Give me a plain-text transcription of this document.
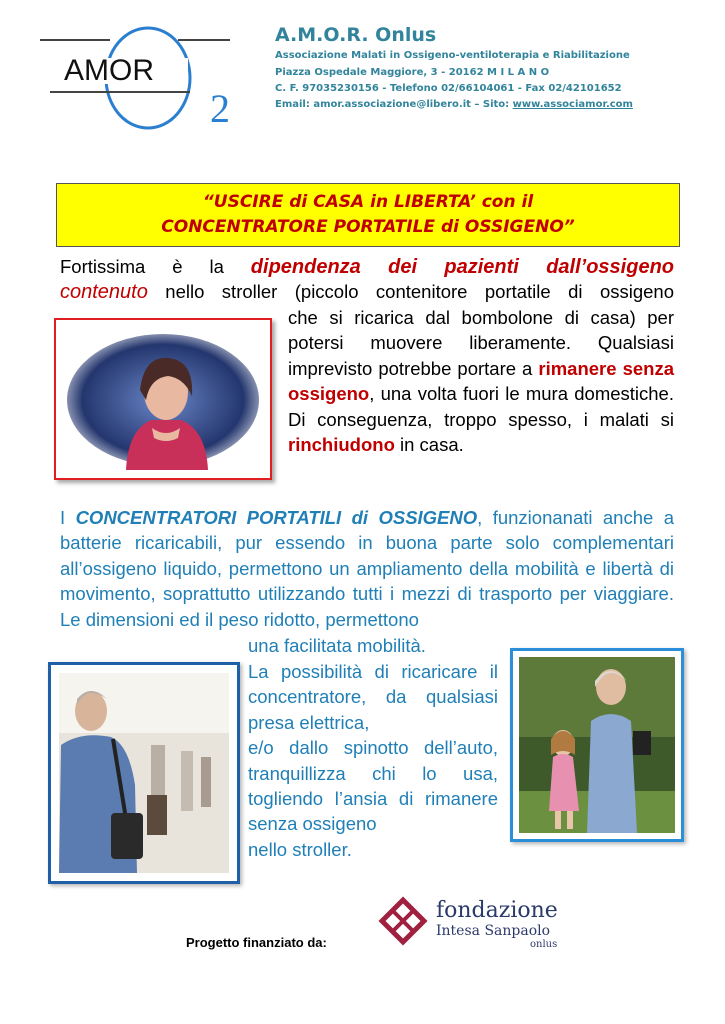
AMOR
2
A.M.O.R. Onlus
Associazione Malati in Ossigeno-ventiloterapia e Riabilitazione
Piazza Ospedale Maggiore, 3 - 20162 M I L A N O
C. F. 97035230156 - Telefono 02/66104061 - Fax 02/42101652
Email: amor.associazione@libero.it – Sito: www.associamor.com
“USCIRE di CASA in LIBERTA’ con il
CONCENTRATORE PORTATILE di OSSIGENO”
Fortissima è la dipendenza dei pazienti dall’ossigeno
contenuto nello stroller (piccolo contenitore portatile di ossigeno
che si ricarica dal bombolone di casa) per potersi muovere liberamente. Qualsiasi imprevisto potrebbe portare a rimanere senza ossigeno, una volta fuori le mura domestiche. Di conseguenza, troppo spesso, i malati si rinchiudono in casa.
I CONCENTRATORI PORTATILI di OSSIGENO, funzionanati anche a batterie ricaricabili, pur essendo in buona parte solo complementari all’ossigeno liquido, permettono un ampliamento della mobilità e libertà di movimento, soprattutto utilizzando tutti i mezzi di trasporto per viaggiare. Le dimensioni ed il peso ridotto, permettono
una facilitata mobilità.
La possibilità di ricaricare il concentratore, da qualsiasi presa elettrica,
e/o dallo spinotto dell’auto, tranquillizza chi lo usa, togliendo l’ansia di rimanere senza ossigeno
nello stroller.
Progetto finanziato da:
fondazione
Intesa Sanpaolo
onlus
